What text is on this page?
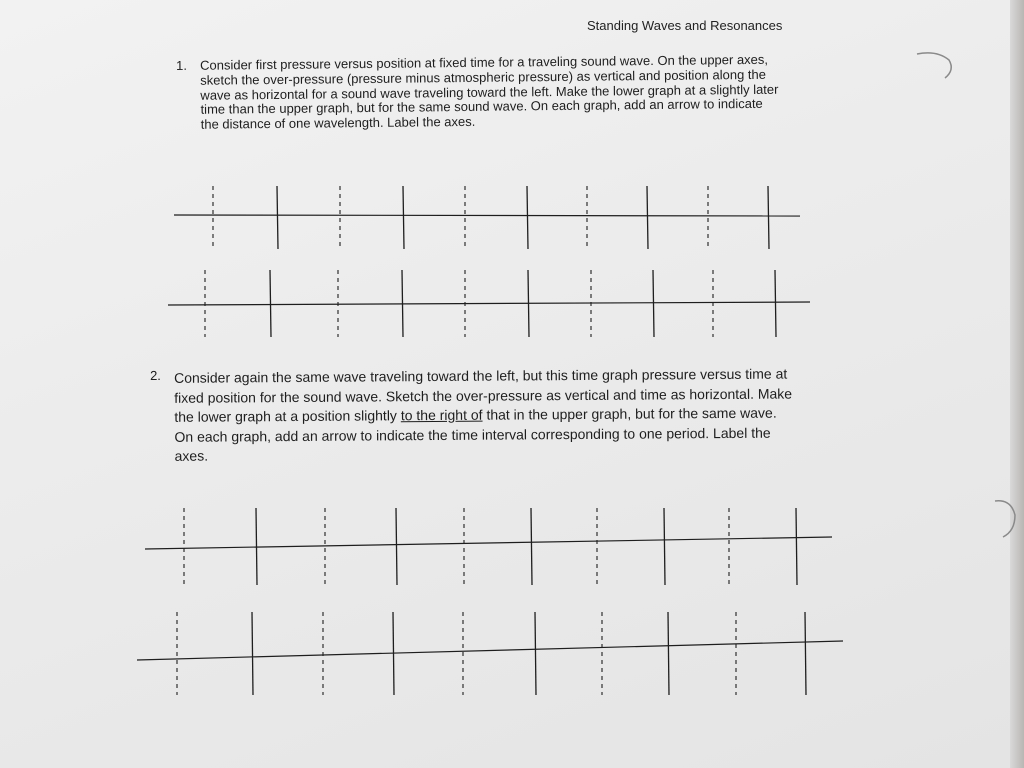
Standing Waves and Resonances
1. Consider first pressure versus position at fixed time for a traveling sound wave. On the upper axes,
sketch the over-pressure (pressure minus atmospheric pressure) as vertical and position along the
wave as horizontal for a sound wave traveling toward the left. Make the lower graph at a slightly later
time than the upper graph, but for the same sound wave. On each graph, add an arrow to indicate
the distance of one wavelength. Label the axes.
2. Consider again the same wave traveling toward the left, but this time graph pressure versus time at
fixed position for the sound wave. Sketch the over-pressure as vertical and time as horizontal. Make
the lower graph at a position slightly to the right of that in the upper graph, but for the same wave.
On each graph, add an arrow to indicate the time interval corresponding to one period. Label the
axes.
